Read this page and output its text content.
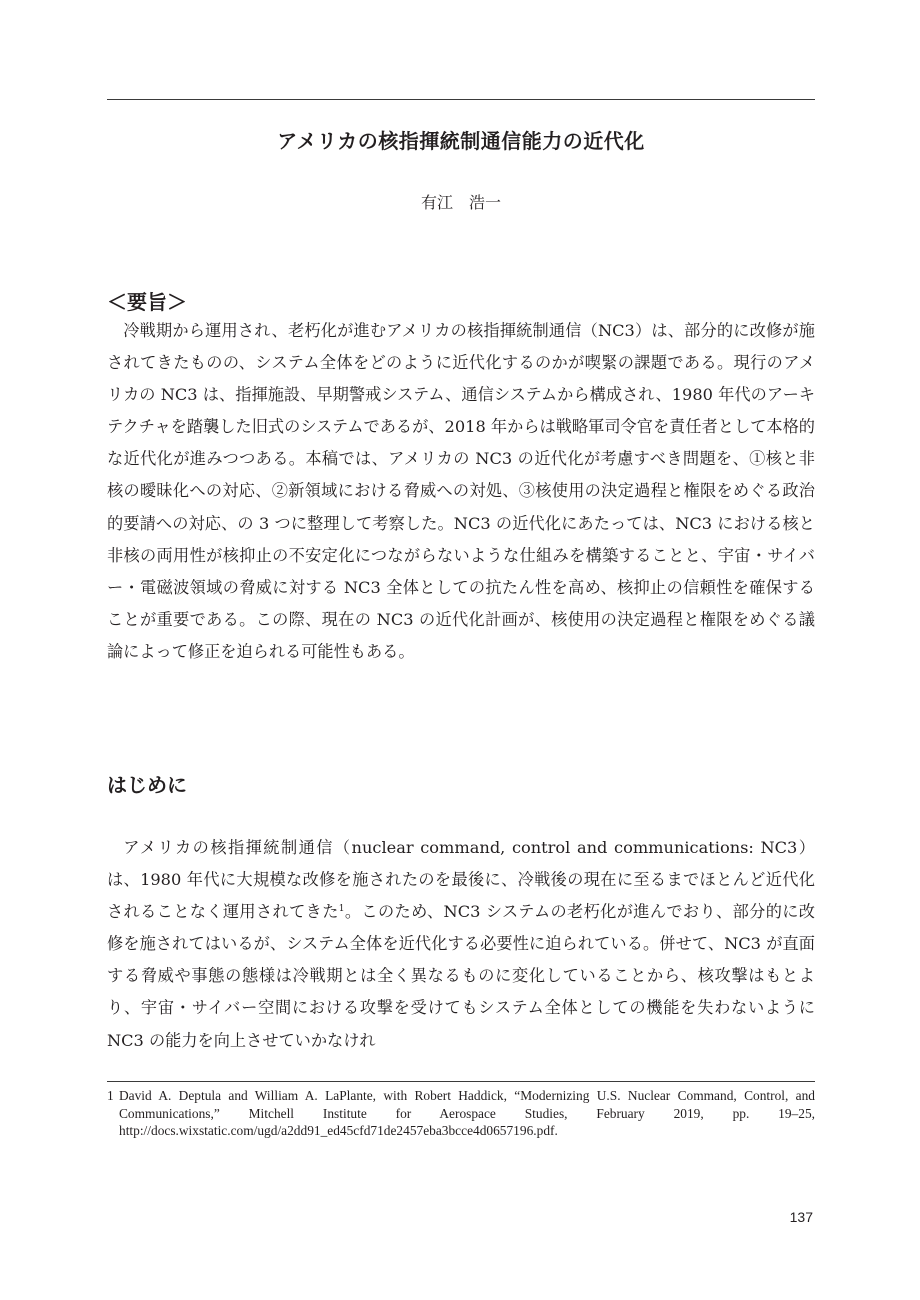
アメリカの核指揮統制通信能力の近代化
有江　浩一
＜要旨＞

冷戦期から運用され、老朽化が進むアメリカの核指揮統制通信（NC3）は、部分的に改修が施されてきたものの、システム全体をどのように近代化するのかが喫緊の課題である。現行のアメリカの NC3 は、指揮施設、早期警戒システム、通信システムから構成され、1980 年代のアーキテクチャを踏襲した旧式のシステムであるが、2018 年からは戦略軍司令官を責任者として本格的な近代化が進みつつある。本稿では、アメリカの NC3 の近代化が考慮すべき問題を、①核と非核の曖昧化への対応、②新領域における脅威への対処、③核使用の決定過程と権限をめぐる政治的要請への対応、の 3 つに整理して考察した。NC3 の近代化にあたっては、NC3 における核と非核の両用性が核抑止の不安定化につながらないような仕組みを構築することと、宇宙・サイバー・電磁波領域の脅威に対する NC3 全体としての抗たん性を高め、核抑止の信頼性を確保することが重要である。この際、現在の NC3 の近代化計画が、核使用の決定過程と権限をめぐる議論によって修正を迫られる可能性もある。

はじめに

アメリカの核指揮統制通信（nuclear command, control and communications: NC3）は、1980 年代に大規模な改修を施されたのを最後に、冷戦後の現在に至るまでほとんど近代化されることなく運用されてきた$^1$。このため、NC3 システムの老朽化が進んでおり、部分的に改修を施されてはいるが、システム全体を近代化する必要性に迫られている。併せて、NC3 が直面する脅威や事態の態様は冷戦期とは全く異なるものに変化していることから、核攻撃はもとより、宇宙・サイバー空間における攻撃を受けてもシステム全体としての機能を失わないように NC3 の能力を向上させていかなけれ

1 David A. Deptula and William A. LaPlante, with Robert Haddick, “Modernizing U.S. Nuclear Command, Control, and Communications,” Mitchell Institute for Aerospace Studies, February 2019, pp. 19–25, http://docs.wixstatic.com/ugd/a2dd91_ed45cfd71de2457eba3bcce4d0657196.pdf.
137
